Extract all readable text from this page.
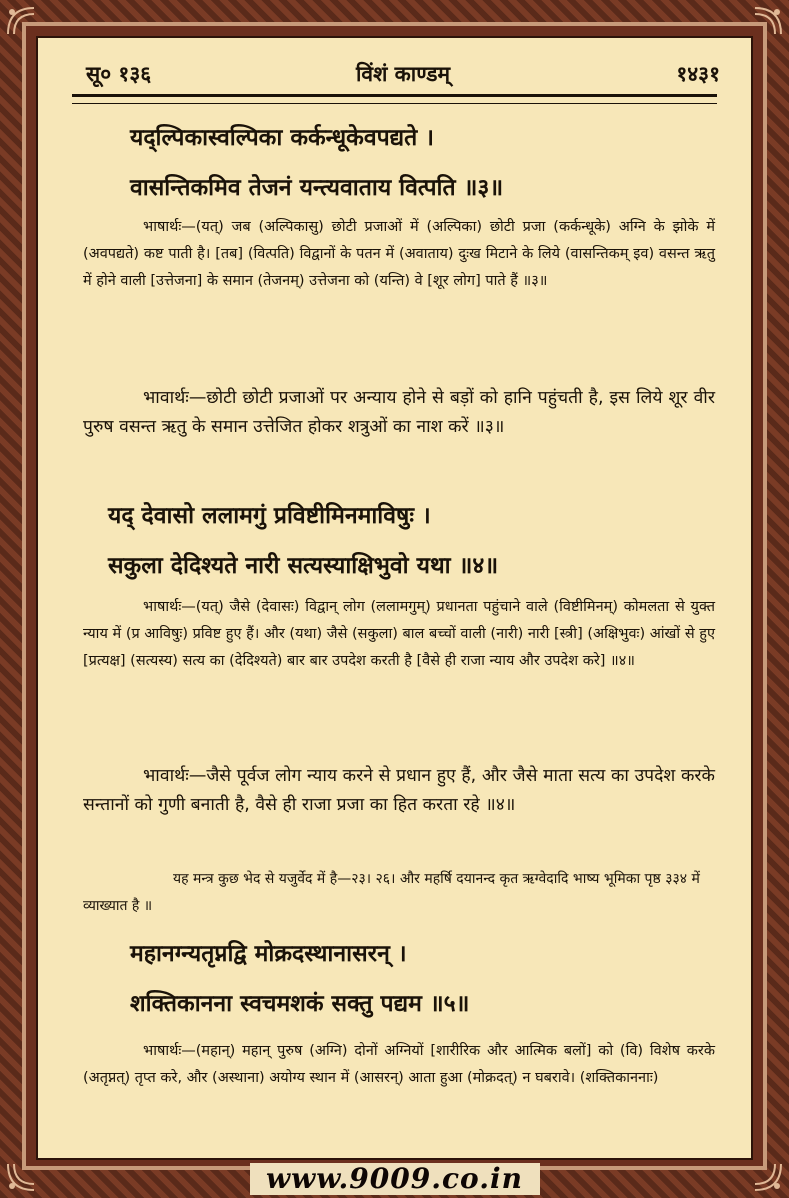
सू० १३६	विंशं काण्डम्	१४३१
यद्ल्पिकास्वल्पिका कर्कन्धूकेवपद्यते ।
वासन्तिकमिव तेजनं यन्त्यवाताय वित्पति ॥३॥
भाषार्थः—(यत्) जब (अल्पिकासु) छोटी प्रजाओं में (अल्पिका) छोटी प्रजा (कर्कन्धूके) अग्नि के झोके में (अवपद्यते) कष्ट पाती है। [तब] (वित्पति) विद्वानों के पतन में (अवाताय) दुःख मिटाने के लिये (वासन्तिकम् इव) वसन्त ऋतु में होने वाली [उत्तेजना] के समान (तेजनम्) उत्तेजना को (यन्ति) वे [शूर लोग] पाते हैं ॥३॥
भावार्थः—छोटी छोटी प्रजाओं पर अन्याय होने से बड़ों को हानि पहुंचती है, इस लिये शूर वीर पुरुष वसन्त ऋतु के समान उत्तेजित होकर शत्रुओं का नाश करें ॥३॥
यद् देवासो ललामगुं प्रविष्टीमिनमाविषुः ।
सकुला देदिश्यते नारी सत्यस्याक्षिभुवो यथा ॥४॥
भाषार्थः—(यत्) जैसे (देवासः) विद्वान् लोग (ललामगुम्) प्रधानता पहुंचाने वाले (विष्टीमिनम्) कोमलता से युक्त न्याय में (प्र आविषुः) प्रविष्ट हुए हैं। और (यथा) जैसे (सकुला) बाल बच्चों वाली (नारी) नारी [स्त्री] (अक्षिभुवः) आंखों से हुए [प्रत्यक्ष] (सत्यस्य) सत्य का (देदिश्यते) बार बार उपदेश करती है [वैसे ही राजा न्याय और उपदेश करे] ॥४॥
भावार्थः—जैसे पूर्वज लोग न्याय करने से प्रधान हुए हैं, और जैसे माता सत्य का उपदेश करके सन्तानों को गुणी बनाती है, वैसे ही राजा प्रजा का हित करता रहे ॥४॥
यह मन्त्र कुछ भेद से यजुर्वेद में है—२३। २६। और महर्षि दयानन्द कृत ऋग्वेदादि भाष्य भूमिका पृष्ठ ३३४ में व्याख्यात है ॥
महानग्न्यतृप्नद्वि मोक्रदस्थानासरन् ।
शक्तिकानना स्वचमशकं सक्तु पद्यम ॥५॥
भाषार्थः—(महान्) महान् पुरुष (अग्नि) दोनों अग्नियों [शारीरिक और आत्मिक बलों] को (वि) विशेष करके (अतृप्नत्) तृप्त करे, और (अस्थाना) अयोग्य स्थान में (आसरन्) आता हुआ (मोक्रदत्) न घबरावे। (शक्तिकाननाः)
www.9009.co.in
